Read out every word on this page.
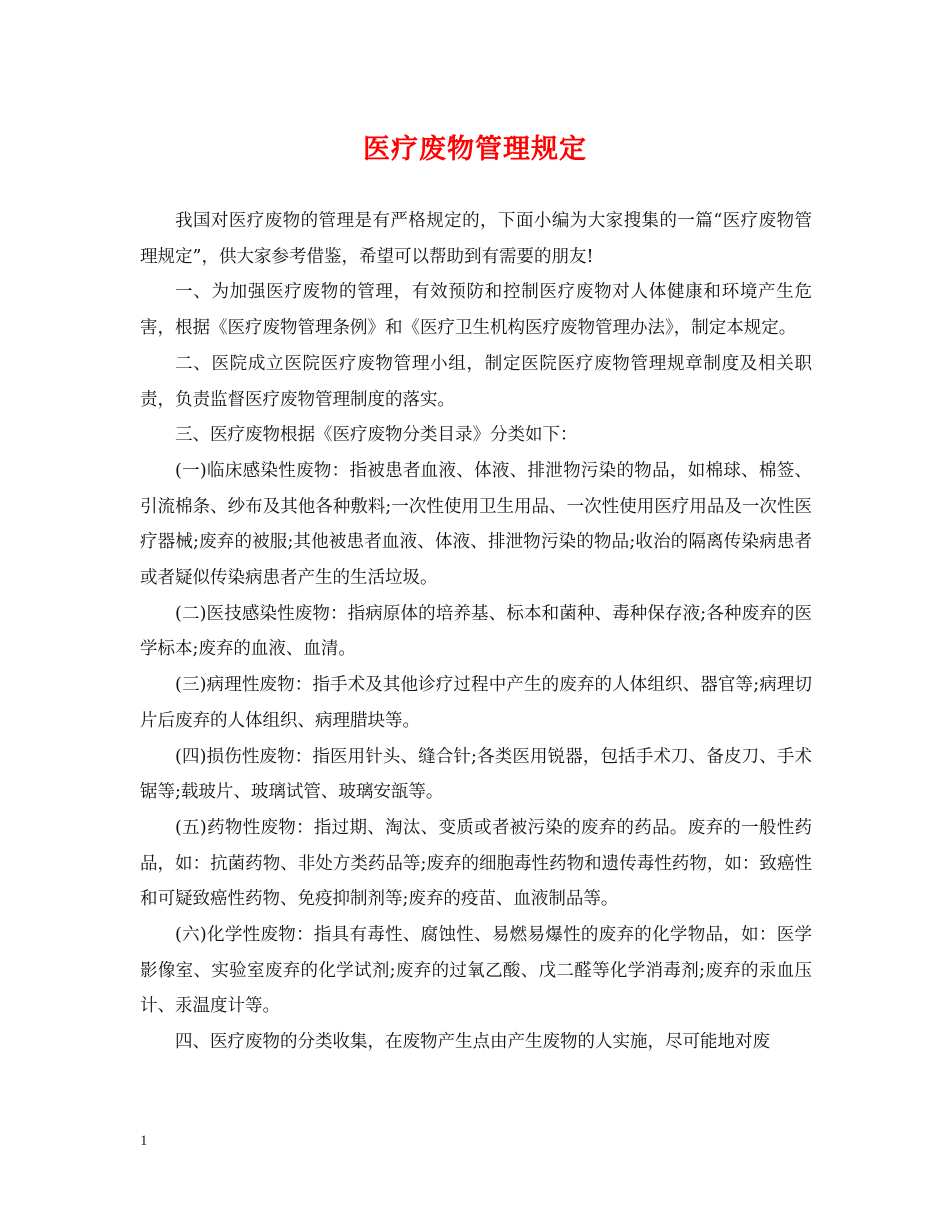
医疗废物管理规定

我国对医疗废物的管理是有严格规定的，下面小编为大家搜集的一篇“医疗废物管理规定”，供大家参考借鉴，希望可以帮助到有需要的朋友!

一、为加强医疗废物的管理，有效预防和控制医疗废物对人体健康和环境产生危害，根据《医疗废物管理条例》和《医疗卫生机构医疗废物管理办法》，制定本规定。

二、医院成立医院医疗废物管理小组，制定医院医疗废物管理规章制度及相关职责，负责监督医疗废物管理制度的落实。

三、医疗废物根据《医疗废物分类目录》分类如下：

(一)临床感染性废物：指被患者血液、体液、排泄物污染的物品，如棉球、棉签、引流棉条、纱布及其他各种敷料;一次性使用卫生用品、一次性使用医疗用品及一次性医疗器械;废弃的被服;其他被患者血液、体液、排泄物污染的物品;收治的隔离传染病患者或者疑似传染病患者产生的生活垃圾。

(二)医技感染性废物：指病原体的培养基、标本和菌种、毒种保存液;各种废弃的医学标本;废弃的血液、血清。

(三)病理性废物：指手术及其他诊疗过程中产生的废弃的人体组织、器官等;病理切片后废弃的人体组织、病理腊块等。

(四)损伤性废物：指医用针头、缝合针;各类医用锐器，包括手术刀、备皮刀、手术锯等;载玻片、玻璃试管、玻璃安瓿等。

(五)药物性废物：指过期、淘汰、变质或者被污染的废弃的药品。废弃的一般性药品，如：抗菌药物、非处方类药品等;废弃的细胞毒性药物和遗传毒性药物，如：致癌性和可疑致癌性药物、免疫抑制剂等;废弃的疫苗、血液制品等。

(六)化学性废物：指具有毒性、腐蚀性、易燃易爆性的废弃的化学物品，如：医学影像室、实验室废弃的化学试剂;废弃的过氧乙酸、戊二醛等化学消毒剂;废弃的汞血压计、汞温度计等。

四、医疗废物的分类收集，在废物产生点由产生废物的人实施，尽可能地对废

1
